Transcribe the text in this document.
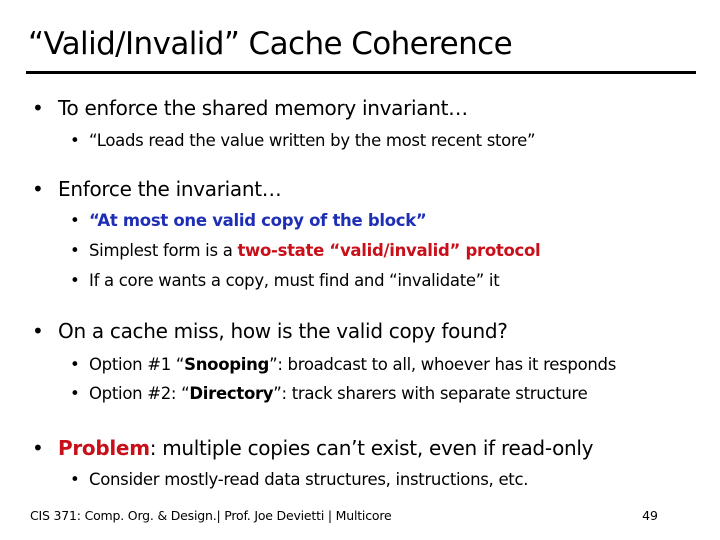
“Valid/Invalid” Cache Coherence
• To enforce the shared memory invariant…
• “Loads read the value written by the most recent store”
• Enforce the invariant…
• “At most one valid copy of the block”
• Simplest form is a two-state “valid/invalid” protocol
• If a core wants a copy, must find and “invalidate” it
• On a cache miss, how is the valid copy found?
• Option #1 “Snooping”: broadcast to all, whoever has it responds
• Option #2: “Directory”: track sharers with separate structure
• Problem: multiple copies can’t exist, even if read-only
• Consider mostly-read data structures, instructions, etc.
CIS 371: Comp. Org. & Design.| Prof. Joe Devietti | Multicore	49
